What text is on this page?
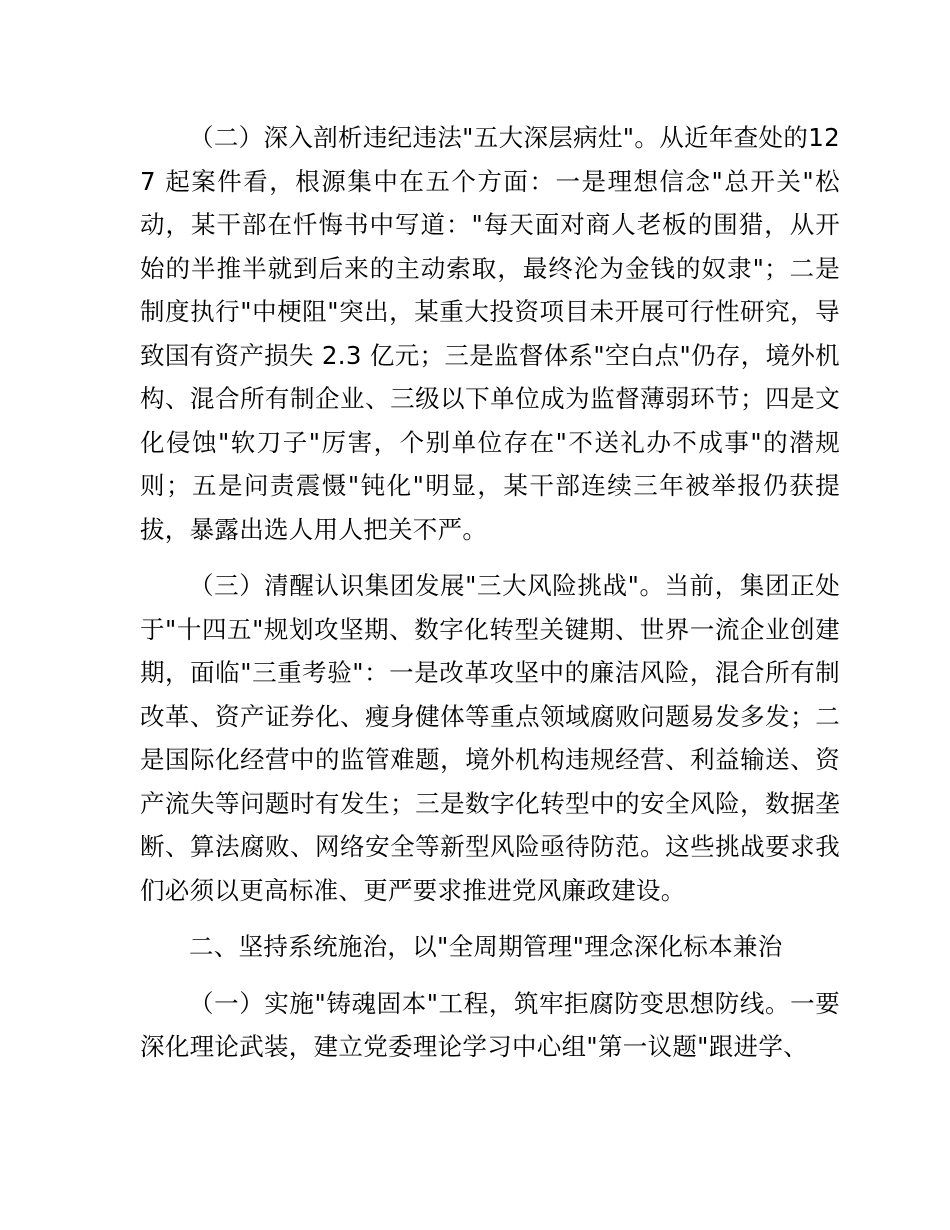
（二）深入剖析违纪违法"五大深层病灶"。从近年查处的127 起案件看，根源集中在五个方面：一是理想信念"总开关"松动，某干部在忏悔书中写道："每天面对商人老板的围猎，从开始的半推半就到后来的主动索取，最终沦为金钱的奴隶"；二是制度执行"中梗阻"突出，某重大投资项目未开展可行性研究，导致国有资产损失 2.3 亿元；三是监督体系"空白点"仍存，境外机构、混合所有制企业、三级以下单位成为监督薄弱环节；四是文化侵蚀"软刀子"厉害，个别单位存在"不送礼办不成事"的潜规则；五是问责震慑"钝化"明显，某干部连续三年被举报仍获提拔，暴露出选人用人把关不严。

（三）清醒认识集团发展"三大风险挑战"。当前，集团正处于"十四五"规划攻坚期、数字化转型关键期、世界一流企业创建期，面临"三重考验"：一是改革攻坚中的廉洁风险，混合所有制改革、资产证券化、瘦身健体等重点领域腐败问题易发多发；二是国际化经营中的监管难题，境外机构违规经营、利益输送、资产流失等问题时有发生；三是数字化转型中的安全风险，数据垄断、算法腐败、网络安全等新型风险亟待防范。这些挑战要求我们必须以更高标准、更严要求推进党风廉政建设。

二、坚持系统施治，以"全周期管理"理念深化标本兼治

（一）实施"铸魂固本"工程，筑牢拒腐防变思想防线。一要深化理论武装，建立党委理论学习中心组"第一议题"跟进学、
